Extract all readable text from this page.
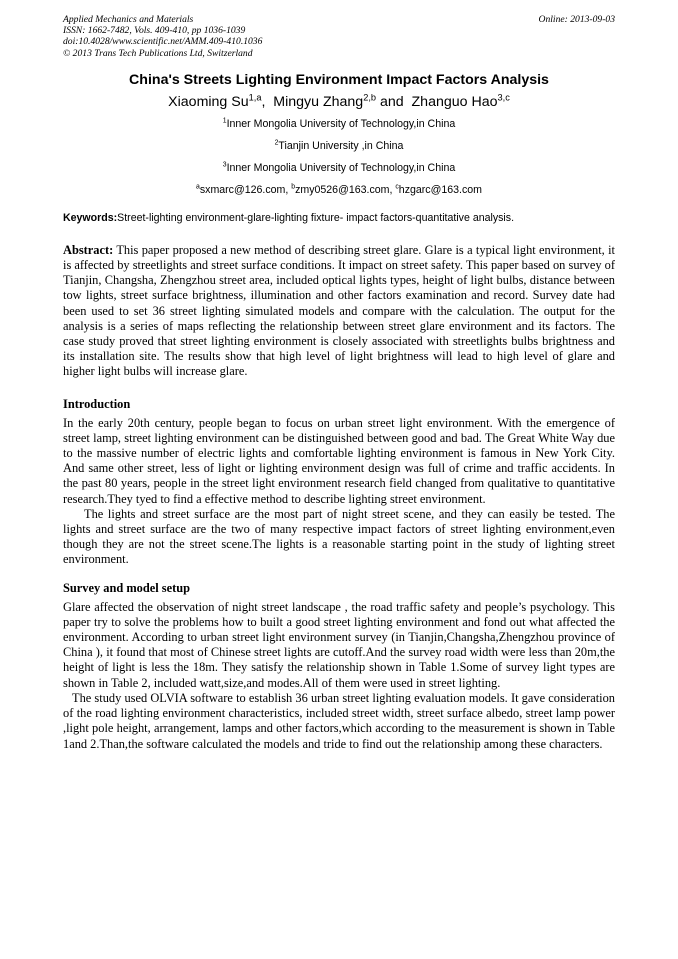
Applied Mechanics and Materials
ISSN: 1662-7482, Vols. 409-410, pp 1036-1039
doi:10.4028/www.scientific.net/AMM.409-410.1036
© 2013 Trans Tech Publications Ltd, Switzerland
Online: 2013-09-03
China's Streets Lighting Environment Impact Factors Analysis
Xiaoming Su$^{1,a}$,  Mingyu Zhang$^{2,b}$ and  Zhanguo Hao$^{3,c}$
$^1$Inner Mongolia University of Technology,in China
$^2$Tianjin University ,in China
$^3$Inner Mongolia University of Technology,in China
$^a$sxmarc@126.com, $^b$zmy0526@163.com, $^c$hzgarc@163.com
Keywords:Street-lighting environment-glare-lighting fixture- impact factors-quantitative analysis.

Abstract: This paper proposed a new method of describing street glare. Glare is a typical light environment, it is affected by streetlights and street surface conditions. It impact on street safety. This paper based on survey of Tianjin, Changsha, Zhengzhou street area, included optical lights types, height of light bulbs, distance between tow lights, street surface brightness, illumination and other factors examination and record. Survey date had been used to set 36 street lighting simulated models and compare with the calculation. The output for the analysis is a series of maps reflecting the relationship between street glare environment and its factors. The case study proved that street lighting environment is closely associated with streetlights bulbs brightness and its installation site. The results show that high level of light brightness will lead to high level of glare and higher light bulbs will increase glare.

Introduction

In the early 20th century, people began to focus on urban street light environment. With the emergence of street lamp, street lighting environment can be distinguished between good and bad. The Great White Way due to the massive number of electric lights and comfortable lighting environment is famous in New York City. And same other street, less of light or lighting environment design was full of crime and traffic accidents. In the past 80 years, people in the street light environment research field changed from qualitative to quantitative research.They tyed to find a effective method to describe lighting street environment.

The lights and street surface are the most part of night street scene, and they can easily be tested. The lights and street surface are the two of many respective impact factors of street lighting environment,even though they are not the street scene.The lights is a reasonable starting point in the study of lighting street environment.

Survey and model setup

Glare affected the observation of night street landscape , the road traffic safety and people’s psychology. This paper try to solve the problems how to built a good street lighting environment and fond out what affected the environment. According to urban street light environment survey (in Tianjin,Changsha,Zhengzhou province of China ), it found that most of Chinese street lights are cutoff.And the survey road width were less than 20m,the height of light is less the 18m. They satisfy the relationship shown in Table 1.Some of survey light types are shown in Table 2, included watt,size,and modes.All of them were used in street lighting.

The study used OLVIA software to establish 36 urban street lighting evaluation models. It gave consideration of the road lighting environment characteristics, included street width, street surface albedo, street lamp power ,light pole height, arrangement, lamps and other factors,which according to the measurement is shown in Table 1and 2.Than,the software calculated the models and tride to find out the relationship among these characters.
